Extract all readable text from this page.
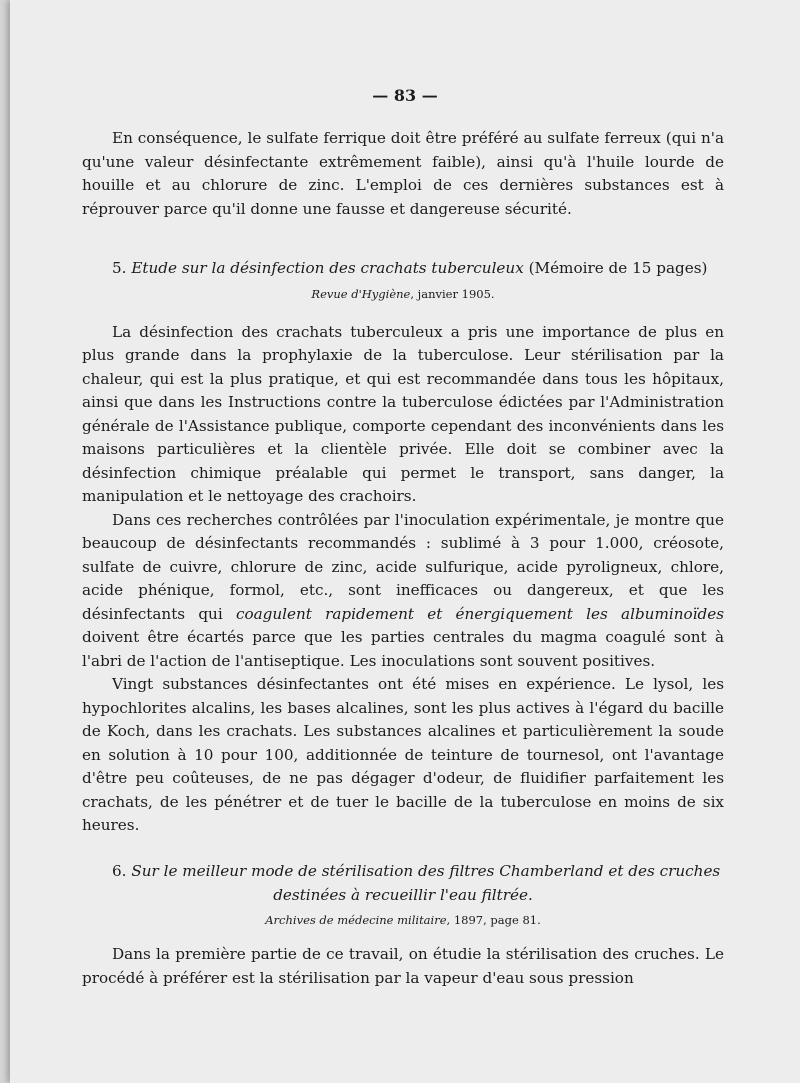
— 83 —

En conséquence, le sulfate ferrique doit être préféré au sulfate ferreux (qui n'a qu'une valeur désinfectante extrêmement faible), ainsi qu'à l'huile lourde de houille et au chlorure de zinc. L'emploi de ces dernières substances est à réprouver parce qu'il donne une fausse et dangereuse sécurité.

5. Etude sur la désinfection des crachats tuberculeux (Mémoire de 15 pages)

Revue d'Hygiène, janvier 1905.

La désinfection des crachats tuberculeux a pris une importance de plus en plus grande dans la prophylaxie de la tuberculose. Leur stérilisation par la chaleur, qui est la plus pratique, et qui est recommandée dans tous les hôpitaux, ainsi que dans les Instructions contre la tuberculose édictées par l'Administration générale de l'Assistance publique, comporte cependant des inconvénients dans les maisons particulières et la clientèle privée. Elle doit se combiner avec la désinfection chimique préalable qui permet le transport, sans danger, la manipulation et le nettoyage des crachoirs.

Dans ces recherches contrôlées par l'inoculation expérimentale, je montre que beaucoup de désinfectants recommandés : sublimé à 3 pour 1.000, créosote, sulfate de cuivre, chlorure de zinc, acide sulfurique, acide pyroligneux, chlore, acide phénique, formol, etc., sont inefficaces ou dangereux, et que les désinfectants qui coagulent rapidement et énergiquement les albuminoïdes doivent être écartés parce que les parties centrales du magma coagulé sont à l'abri de l'action de l'antiseptique. Les inoculations sont souvent positives.

Vingt substances désinfectantes ont été mises en expérience. Le lysol, les hypochlorites alcalins, les bases alcalines, sont les plus actives à l'égard du bacille de Koch, dans les crachats. Les substances alcalines et particulièrement la soude en solution à 10 pour 100, additionnée de teinture de tournesol, ont l'avantage d'être peu coûteuses, de ne pas dégager d'odeur, de fluidifier parfaitement les crachats, de les pénétrer et de tuer le bacille de la tuberculose en moins de six heures.

6. Sur le meilleur mode de stérilisation des filtres Chamberland et des cruches
destinées à recueillir l'eau filtrée.

Archives de médecine militaire, 1897, page 81.

Dans la première partie de ce travail, on étudie la stérilisation des cruches. Le procédé à préférer est la stérilisation par la vapeur d'eau sous pression
